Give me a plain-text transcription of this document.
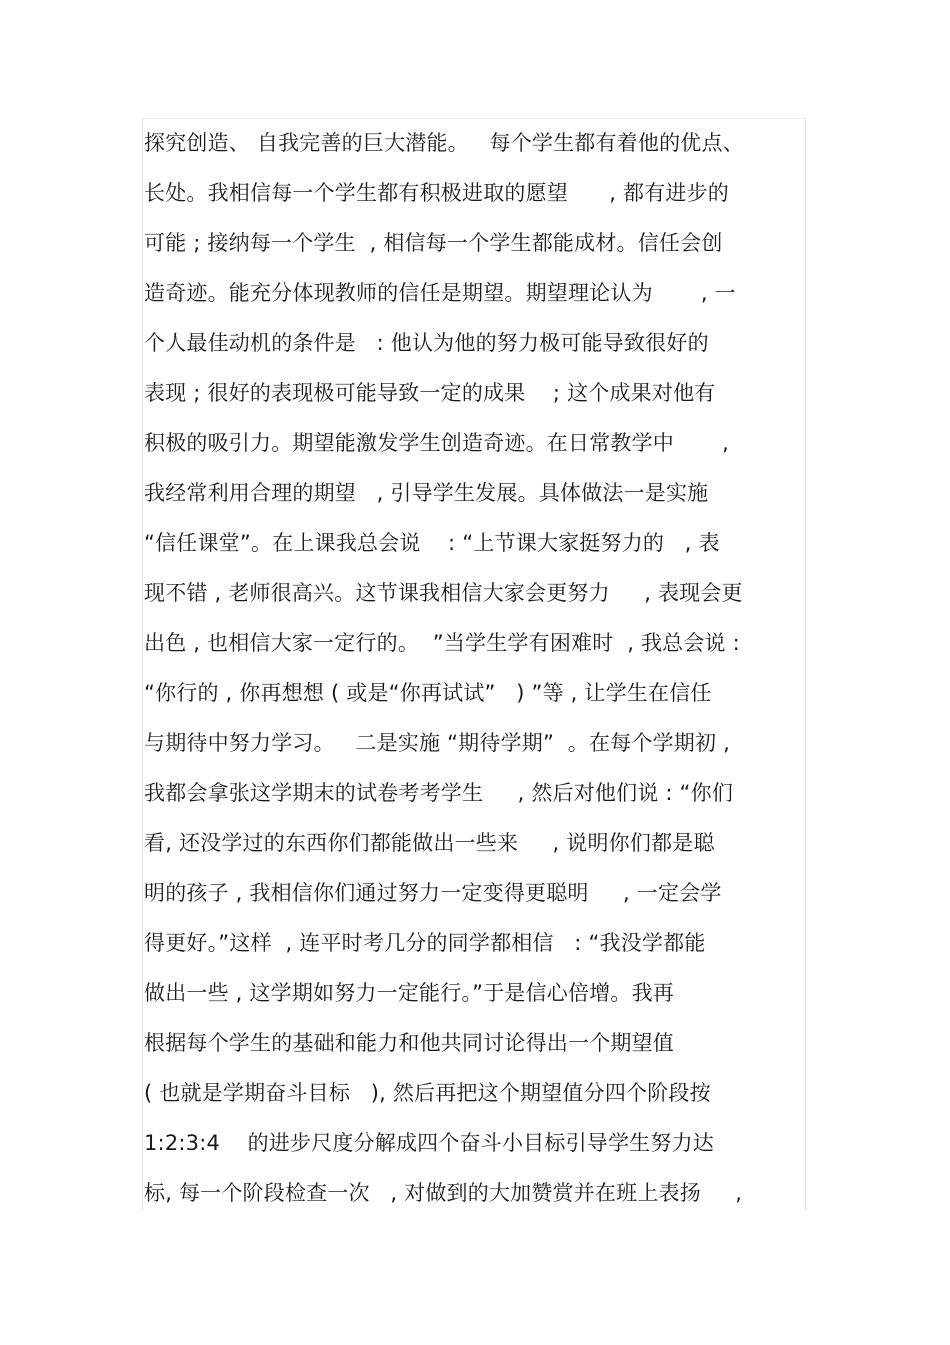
探究创造、 自我完善的巨大潜能。   每个学生都有着他的优点、
长处。我相信每一个学生都有积极进取的愿望      , 都有进步的
可能 ; 接纳每一个学生  , 相信每一个学生都能成材。信任会创
造奇迹。能充分体现教师的信任是期望。期望理论认为       , 一
个人最佳动机的条件是   : 他认为他的努力极可能导致很好的
表现 ; 很好的表现极可能导致一定的成果    ; 这个成果对他有
积极的吸引力。期望能激发学生创造奇迹。在日常教学中       ,
我经常利用合理的期望   , 引导学生发展。具体做法一是实施
“信任课堂”。在上课我总会说    : “上节课大家挺努力的   , 表
现不错 , 老师很高兴。这节课我相信大家会更努力     , 表现会更
出色 , 也相信大家一定行的。  ”当学生学有困难时  , 我总会说 :
“你行的 , 你再想想 ( 或是“你再试试”   ) ”等 , 让学生在信任
与期待中努力学习。   二是实施 “期待学期”  。在每个学期初 ,
我都会拿张这学期末的试卷考考学生     , 然后对他们说 : “你们
看, 还没学过的东西你们都能做出一些来     , 说明你们都是聪
明的孩子 , 我相信你们通过努力一定变得更聪明     , 一定会学
得更好。”这样  , 连平时考几分的同学都相信   : “我没学都能
做出一些 , 这学期如努力一定能行。”于是信心倍增。我再
根据每个学生的基础和能力和他共同讨论得出一个期望值
( 也就是学期奋斗目标   ), 然后再把这个期望值分四个阶段按
1:2:3:4    的进步尺度分解成四个奋斗小目标引导学生努力达
标, 每一个阶段检查一次   , 对做到的大加赞赏并在班上表扬     ,
